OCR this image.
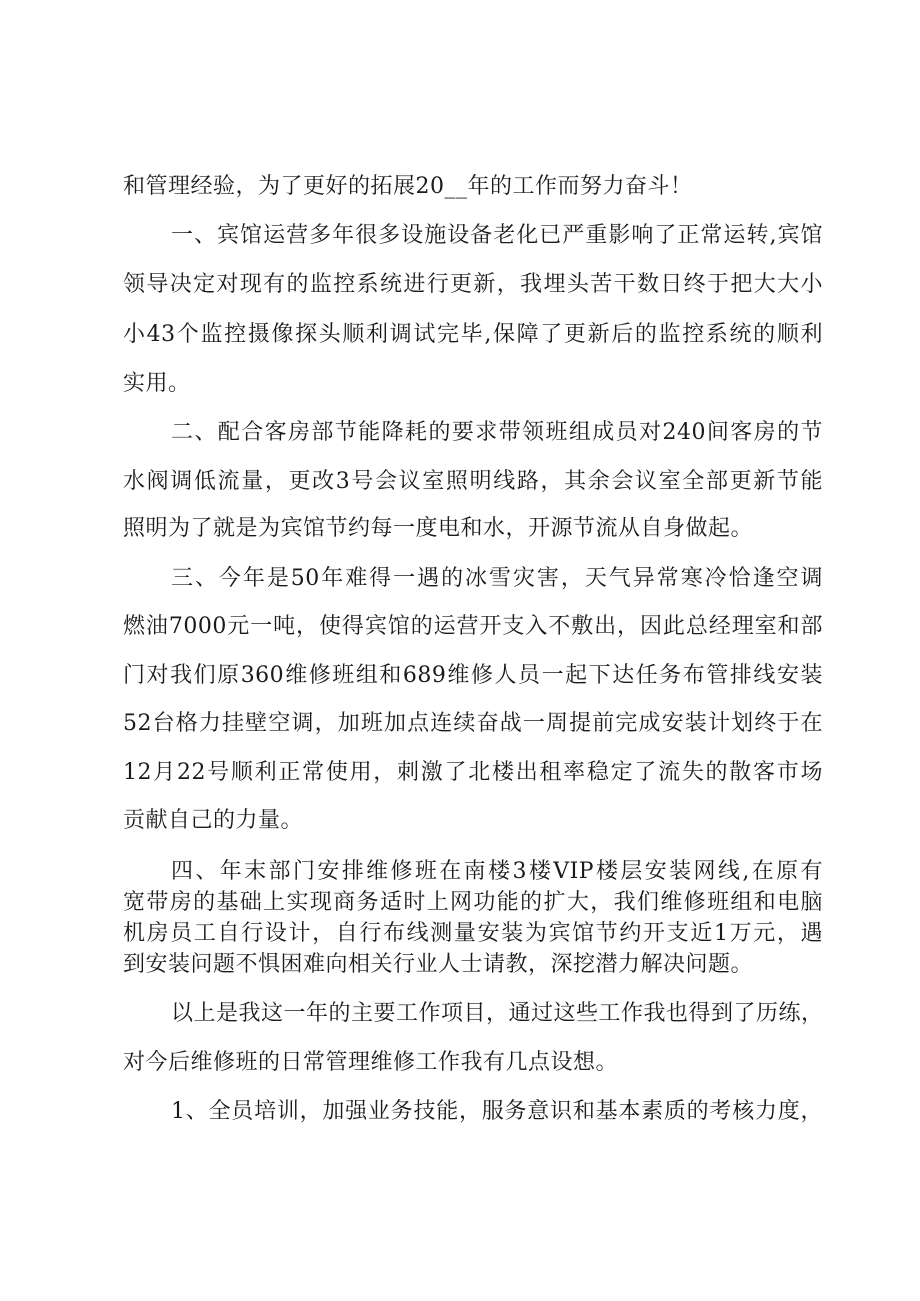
和管理经验，为了更好的拓展20__年的工作而努力奋斗！
一、宾馆运营多年很多设施设备老化已严重影响了正常运转,宾馆
领导决定对现有的监控系统进行更新，我埋头苦干数日终于把大大小
小43个监控摄像探头顺利调试完毕,保障了更新后的监控系统的顺利
实用。
二、配合客房部节能降耗的要求带领班组成员对240间客房的节
水阀调低流量，更改3号会议室照明线路，其余会议室全部更新节能
照明为了就是为宾馆节约每一度电和水，开源节流从自身做起。
三、今年是50年难得一遇的冰雪灾害，天气异常寒冷恰逢空调
燃油7000元一吨，使得宾馆的运营开支入不敷出，因此总经理室和部
门对我们原360维修班组和689维修人员一起下达任务布管排线安装
52台格力挂壁空调，加班加点连续奋战一周提前完成安装计划终于在
12月22号顺利正常使用，刺激了北楼出租率稳定了流失的散客市场
贡献自己的力量。
四、年末部门安排维修班在南楼3楼VIP楼层安装网线,在原有
宽带房的基础上实现商务适时上网功能的扩大，我们维修班组和电脑
机房员工自行设计，自行布线测量安装为宾馆节约开支近1万元，遇
到安装问题不惧困难向相关行业人士请教，深挖潜力解决问题。
以上是我这一年的主要工作项目，通过这些工作我也得到了历练，
对今后维修班的日常管理维修工作我有几点设想。
1、全员培训，加强业务技能，服务意识和基本素质的考核力度，
